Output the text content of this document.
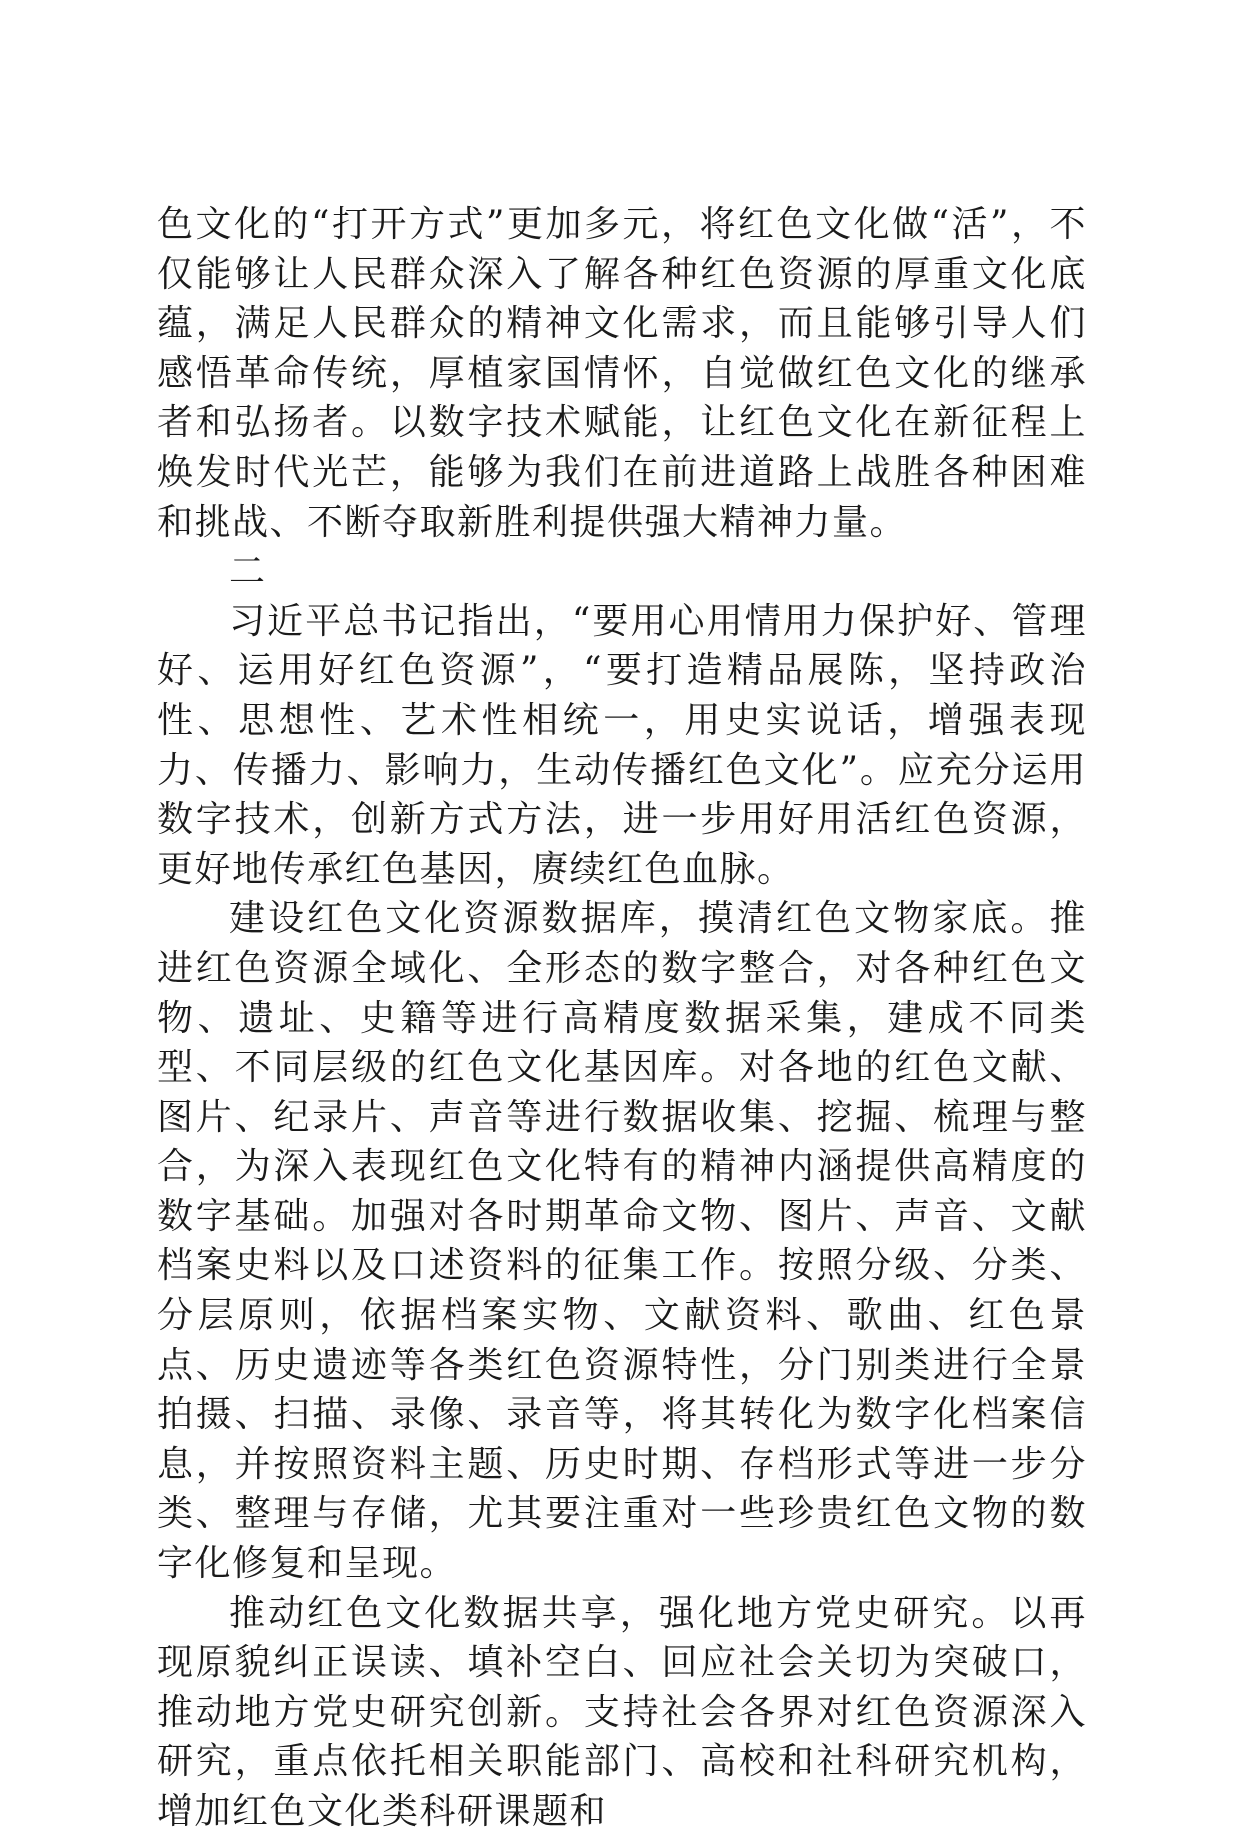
色文化的“打开方式”更加多元，将红色文化做“活”，不仅能够让人民群众深入了解各种红色资源的厚重文化底蕴，满足人民群众的精神文化需求，而且能够引导人们感悟革命传统，厚植家国情怀，自觉做红色文化的继承者和弘扬者。以数字技术赋能，让红色文化在新征程上焕发时代光芒，能够为我们在前进道路上战胜各种困难和挑战、不断夺取新胜利提供强大精神力量。

二

习近平总书记指出，“要用心用情用力保护好、管理好、运用好红色资源”，“要打造精品展陈，坚持政治性、思想性、艺术性相统一，用史实说话，增强表现力、传播力、影响力，生动传播红色文化”。应充分运用数字技术，创新方式方法，进一步用好用活红色资源，更好地传承红色基因，赓续红色血脉。

建设红色文化资源数据库，摸清红色文物家底。推进红色资源全域化、全形态的数字整合，对各种红色文物、遗址、史籍等进行高精度数据采集，建成不同类型、不同层级的红色文化基因库。对各地的红色文献、图片、纪录片、声音等进行数据收集、挖掘、梳理与整合，为深入表现红色文化特有的精神内涵提供高精度的数字基础。加强对各时期革命文物、图片、声音、文献档案史料以及口述资料的征集工作。按照分级、分类、分层原则，依据档案实物、文献资料、歌曲、红色景点、历史遗迹等各类红色资源特性，分门别类进行全景拍摄、扫描、录像、录音等，将其转化为数字化档案信息，并按照资料主题、历史时期、存档形式等进一步分类、整理与存储，尤其要注重对一些珍贵红色文物的数字化修复和呈现。

推动红色文化数据共享，强化地方党史研究。以再现原貌纠正误读、填补空白、回应社会关切为突破口，推动地方党史研究创新。支持社会各界对红色资源深入研究，重点依托相关职能部门、高校和社科研究机构，增加红色文化类科研课题和
